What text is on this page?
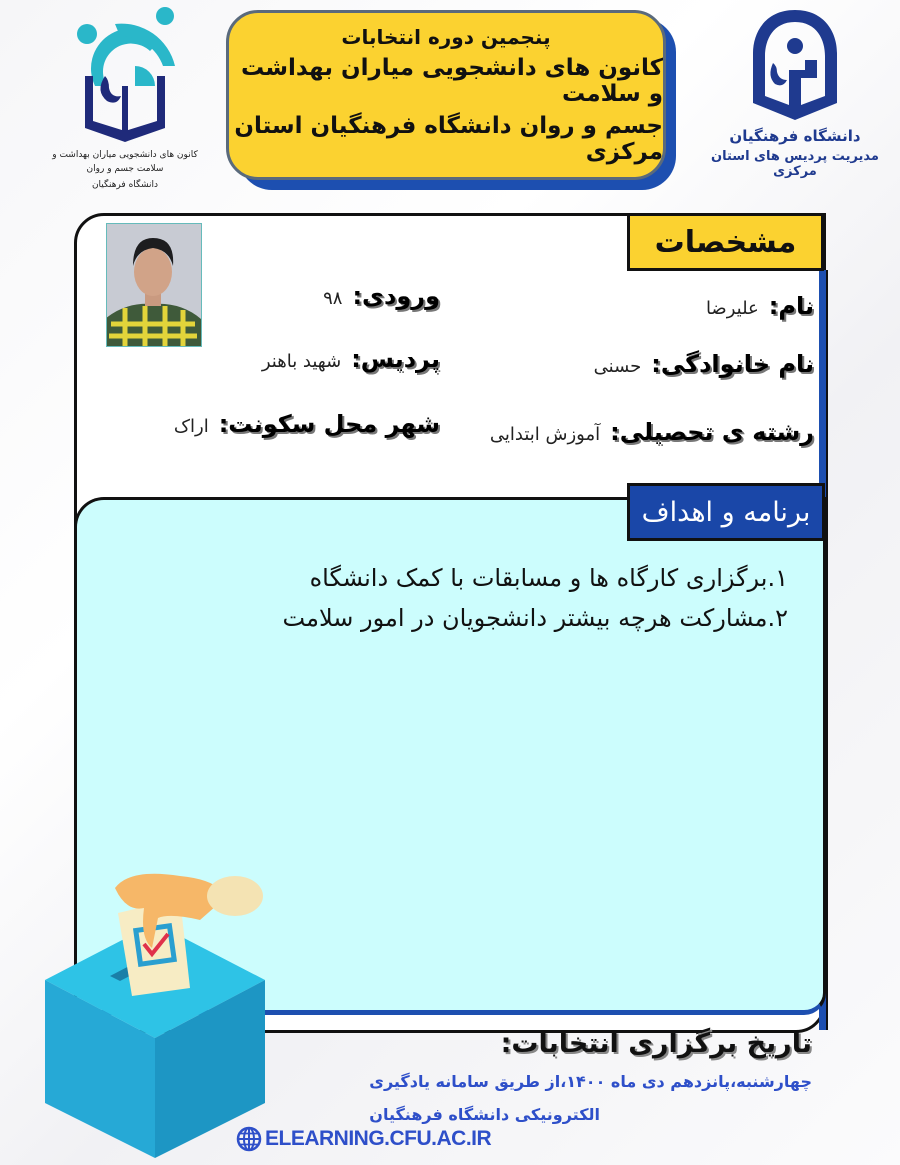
کانون های دانشجویی میاران بهداشت و سلامت جسم و روان
دانشگاه فرهنگیان
پنجمین دوره انتخابات
کانون های دانشجویی میاران بهداشت و سلامت
جسم و روان دانشگاه فرهنگیان استان مرکزی
دانشگاه فرهنگیان
مدیریت پردیس های استان مرکزی
مشخصات
نام:
علیرضا
نام خانوادگی:
حسنی
رشته ی تحصیلی:
آموزش ابتدایی
ورودی:
۹۸
پردیس:
شهید باهنر
شهر محل سکونت:
اراک
برنامه و اهداف
۱.برگزاری کارگاه ها و مسابقات با کمک دانشگاه
۲.مشارکت هرچه بیشتر دانشجویان در امور سلامت
تاریخ برگزاری انتخابات:
چهارشنبه،پانزدهم دی ماه ۱۴۰۰،از طریق سامانه یادگیری
الکترونیکی دانشگاه فرهنگیان
ELEARNING.CFU.AC.IR
